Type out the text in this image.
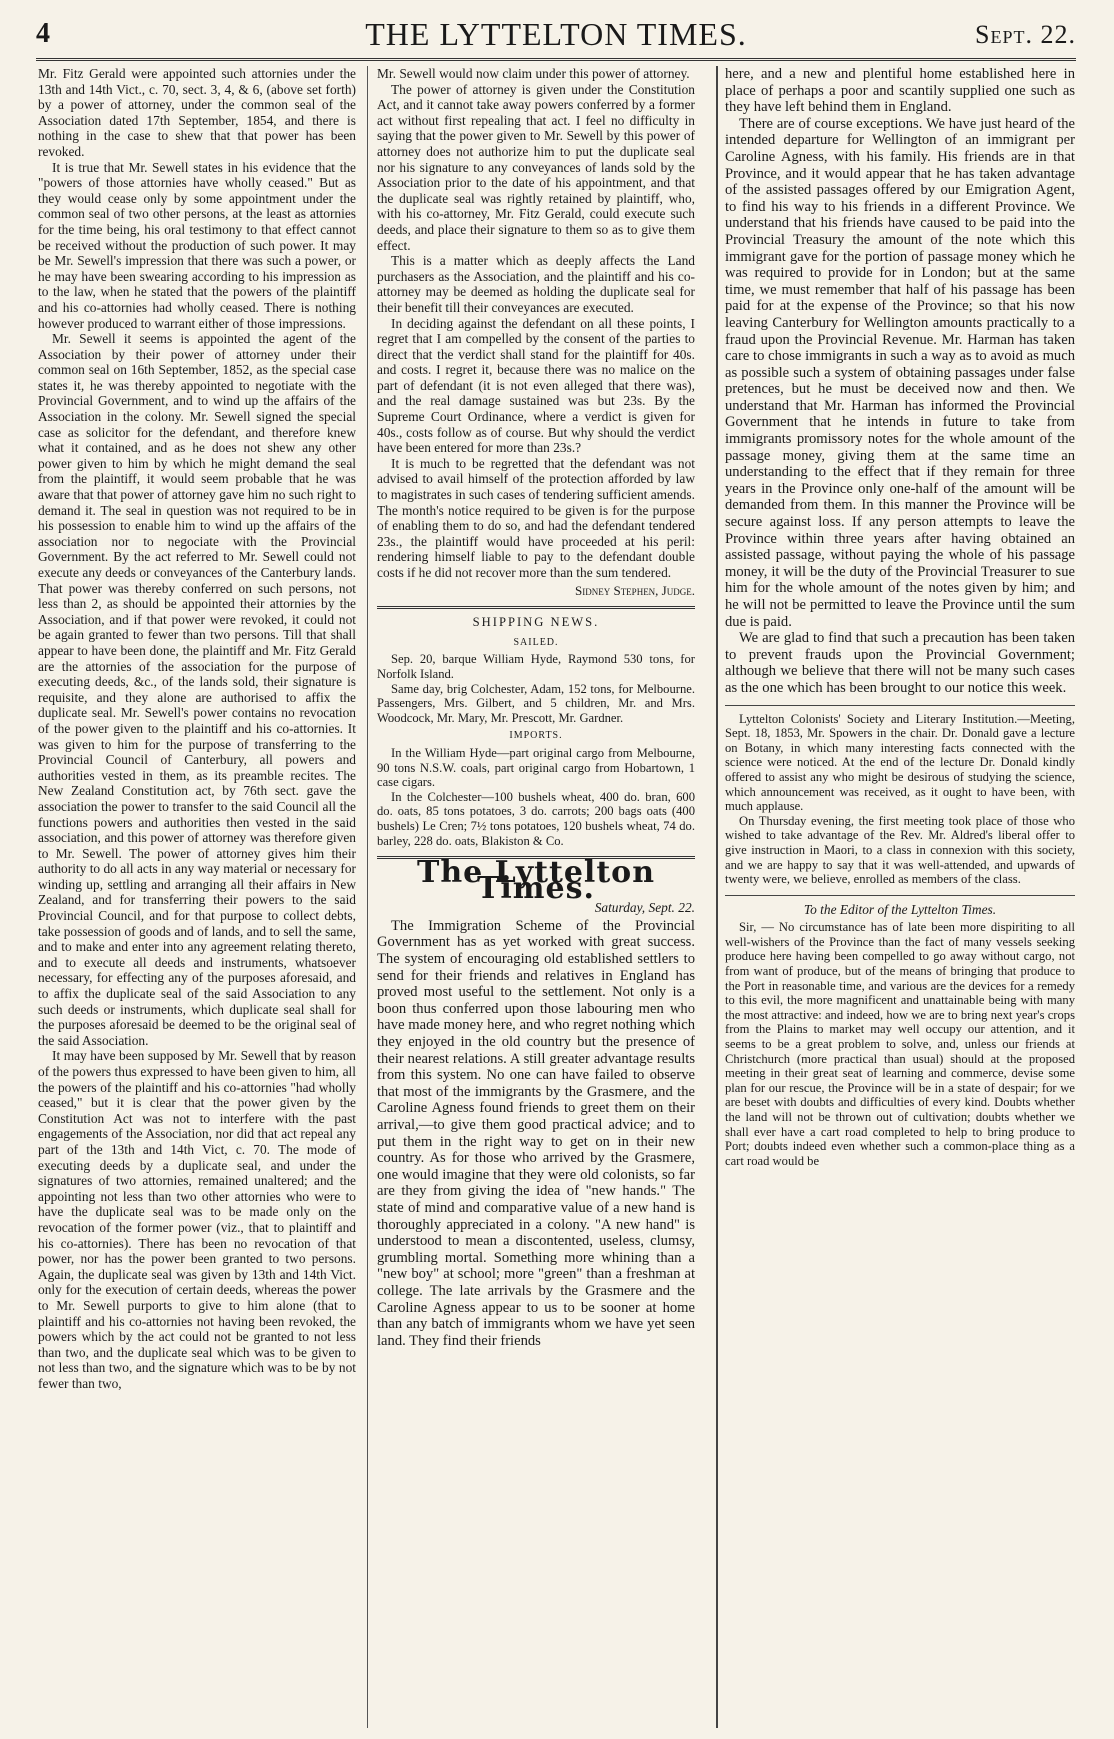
4	THE LYTTELTON TIMES.	Sept. 22.

Mr. Fitz Gerald were appointed such attornies under the 13th and 14th Vict., c. 70, sect. 3, 4, & 6, (above set forth) by a power of attorney, under the common seal of the Association dated 17th September, 1854, and there is nothing in the case to shew that that power has been revoked.

It is true that Mr. Sewell states in his evidence that the "powers of those attornies have wholly ceased." But as they would cease only by some appointment under the common seal of two other persons, at the least as attornies for the time being, his oral testimony to that effect cannot be received without the production of such power. It may be Mr. Sewell's impression that there was such a power, or he may have been swearing according to his impression as to the law, when he stated that the powers of the plaintiff and his co-attornies had wholly ceased. There is nothing however produced to warrant either of those impressions.

Mr. Sewell it seems is appointed the agent of the Association by their power of attorney under their common seal on 16th September, 1852, as the special case states it, he was thereby appointed to negotiate with the Provincial Government, and to wind up the affairs of the Association in the colony. Mr. Sewell signed the special case as solicitor for the defendant, and therefore knew what it contained, and as he does not shew any other power given to him by which he might demand the seal from the plaintiff, it would seem probable that he was aware that that power of attorney gave him no such right to demand it. The seal in question was not required to be in his possession to enable him to wind up the affairs of the association nor to negociate with the Provincial Government. By the act referred to Mr. Sewell could not execute any deeds or conveyances of the Canterbury lands. That power was thereby conferred on such persons, not less than 2, as should be appointed their attornies by the Association, and if that power were revoked, it could not be again granted to fewer than two persons. Till that shall appear to have been done, the plaintiff and Mr. Fitz Gerald are the attornies of the association for the purpose of executing deeds, &c., of the lands sold, their signature is requisite, and they alone are authorised to affix the duplicate seal. Mr. Sewell's power contains no revocation of the power given to the plaintiff and his co-attornies. It was given to him for the purpose of transferring to the Provincial Council of Canterbury, all powers and authorities vested in them, as its preamble recites. The New Zealand Constitution act, by 76th sect. gave the association the power to transfer to the said Council all the functions powers and authorities then vested in the said association, and this power of attorney was therefore given to Mr. Sewell. The power of attorney gives him their authority to do all acts in any way material or necessary for winding up, settling and arranging all their affairs in New Zealand, and for transferring their powers to the said Provincial Council, and for that purpose to collect debts, take possession of goods and of lands, and to sell the same, and to make and enter into any agreement relating thereto, and to execute all deeds and instruments, whatsoever necessary, for effecting any of the purposes aforesaid, and to affix the duplicate seal of the said Association to any such deeds or instruments, which duplicate seal shall for the purposes aforesaid be deemed to be the original seal of the said Association.

It may have been supposed by Mr. Sewell that by reason of the powers thus expressed to have been given to him, all the powers of the plaintiff and his co-attornies "had wholly ceased," but it is clear that the power given by the Constitution Act was not to interfere with the past engagements of the Association, nor did that act repeal any part of the 13th and 14th Vict, c. 70. The mode of executing deeds by a duplicate seal, and under the signatures of two attornies, remained unaltered; and the appointing not less than two other attornies who were to have the duplicate seal was to be made only on the revocation of the former power (viz., that to plaintiff and his co-attornies). There has been no revocation of that power, nor has the power been granted to two persons. Again, the duplicate seal was given by 13th and 14th Vict. only for the execution of certain deeds, whereas the power to Mr. Sewell purports to give to him alone (that to plaintiff and his co-attornies not having been revoked, the powers which by the act could not be granted to not less than two, and the duplicate seal which was to be given to not less than two, and the signature which was to be by not fewer than two,

Mr. Sewell would now claim under this power of attorney.

The power of attorney is given under the Constitution Act, and it cannot take away powers conferred by a former act without first repealing that act. I feel no difficulty in saying that the power given to Mr. Sewell by this power of attorney does not authorize him to put the duplicate seal nor his signature to any conveyances of lands sold by the Association prior to the date of his appointment, and that the duplicate seal was rightly retained by plaintiff, who, with his co-attorney, Mr. Fitz Gerald, could execute such deeds, and place their signature to them so as to give them effect.

This is a matter which as deeply affects the Land purchasers as the Association, and the plaintiff and his co-attorney may be deemed as holding the duplicate seal for their benefit till their conveyances are executed.

In deciding against the defendant on all these points, I regret that I am compelled by the consent of the parties to direct that the verdict shall stand for the plaintiff for 40s. and costs. I regret it, because there was no malice on the part of defendant (it is not even alleged that there was), and the real damage sustained was but 23s. By the Supreme Court Ordinance, where a verdict is given for 40s., costs follow as of course. But why should the verdict have been entered for more than 23s.?

It is much to be regretted that the defendant was not advised to avail himself of the protection afforded by law to magistrates in such cases of tendering sufficient amends. The month's notice required to be given is for the purpose of enabling them to do so, and had the defendant tendered 23s., the plaintiff would have proceeded at his peril: rendering himself liable to pay to the defendant double costs if he did not recover more than the sum tendered.

Sidney Stephen, Judge.
SHIPPING NEWS.
SAILED.

Sep. 20, barque William Hyde, Raymond 530 tons, for Norfolk Island.

Same day, brig Colchester, Adam, 152 tons, for Melbourne. Passengers, Mrs. Gilbert, and 5 children, Mr. and Mrs. Woodcock, Mr. Mary, Mr. Prescott, Mr. Gardner.

IMPORTS.

In the William Hyde—part original cargo from Melbourne, 90 tons N.S.W. coals, part original cargo from Hobartown, 1 case cigars.

In the Colchester—100 bushels wheat, 400 do. bran, 600 do. oats, 85 tons potatoes, 3 do. carrots; 200 bags oats (400 bushels) Le Cren; 7½ tons potatoes, 120 bushels wheat, 74 do. barley, 228 do. oats, Blakiston & Co.

The Lyttelton Times.
Saturday, Sept. 22.

The Immigration Scheme of the Provincial Government has as yet worked with great success. The system of encouraging old established settlers to send for their friends and relatives in England has proved most useful to the settlement. Not only is a boon thus conferred upon those labouring men who have made money here, and who regret nothing which they enjoyed in the old country but the presence of their nearest relations. A still greater advantage results from this system. No one can have failed to observe that most of the immigrants by the Grasmere, and the Caroline Agness found friends to greet them on their arrival,—to give them good practical advice; and to put them in the right way to get on in their new country. As for those who arrived by the Grasmere, one would imagine that they were old colonists, so far are they from giving the idea of "new hands." The state of mind and comparative value of a new hand is thoroughly appreciated in a colony. "A new hand" is understood to mean a discontented, useless, clumsy, grumbling mortal. Something more whining than a "new boy" at school; more "green" than a freshman at college. The late arrivals by the Grasmere and the Caroline Agness appear to us to be sooner at home than any batch of immigrants whom we have yet seen land. They find their friends

here, and a new and plentiful home established here in place of perhaps a poor and scantily supplied one such as they have left behind them in England.

There are of course exceptions. We have just heard of the intended departure for Wellington of an immigrant per Caroline Agness, with his family. His friends are in that Province, and it would appear that he has taken advantage of the assisted passages offered by our Emigration Agent, to find his way to his friends in a different Province. We understand that his friends have caused to be paid into the Provincial Treasury the amount of the note which this immigrant gave for the portion of passage money which he was required to provide for in London; but at the same time, we must remember that half of his passage has been paid for at the expense of the Province; so that his now leaving Canterbury for Wellington amounts practically to a fraud upon the Provincial Revenue. Mr. Harman has taken care to chose immigrants in such a way as to avoid as much as possible such a system of obtaining passages under false pretences, but he must be deceived now and then. We understand that Mr. Harman has informed the Provincial Government that he intends in future to take from immigrants promissory notes for the whole amount of the passage money, giving them at the same time an understanding to the effect that if they remain for three years in the Province only one-half of the amount will be demanded from them. In this manner the Province will be secure against loss. If any person attempts to leave the Province within three years after having obtained an assisted passage, without paying the whole of his passage money, it will be the duty of the Provincial Treasurer to sue him for the whole amount of the notes given by him; and he will not be permitted to leave the Province until the sum due is paid.

We are glad to find that such a precaution has been taken to prevent frauds upon the Provincial Government; although we believe that there will not be many such cases as the one which has been brought to our notice this week.

Lyttelton Colonists' Society and Literary Institution.—Meeting, Sept. 18, 1853, Mr. Spowers in the chair. Dr. Donald gave a lecture on Botany, in which many interesting facts connected with the science were noticed. At the end of the lecture Dr. Donald kindly offered to assist any who might be desirous of studying the science, which announcement was received, as it ought to have been, with much applause.

On Thursday evening, the first meeting took place of those who wished to take advantage of the Rev. Mr. Aldred's liberal offer to give instruction in Maori, to a class in connexion with this society, and we are happy to say that it was well-attended, and upwards of twenty were, we believe, enrolled as members of the class.

To the Editor of the Lyttelton Times.

Sir, — No circumstance has of late been more dispiriting to all well-wishers of the Province than the fact of many vessels seeking produce here having been compelled to go away without cargo, not from want of produce, but of the means of bringing that produce to the Port in reasonable time, and various are the devices for a remedy to this evil, the more magnificent and unattainable being with many the most attractive: and indeed, how we are to bring next year's crops from the Plains to market may well occupy our attention, and it seems to be a great problem to solve, and, unless our friends at Christchurch (more practical than usual) should at the proposed meeting in their great seat of learning and commerce, devise some plan for our rescue, the Province will be in a state of despair; for we are beset with doubts and difficulties of every kind. Doubts whether the land will not be thrown out of cultivation; doubts whether we shall ever have a cart road completed to help to bring produce to Port; doubts indeed even whether such a common-place thing as a cart road would be
